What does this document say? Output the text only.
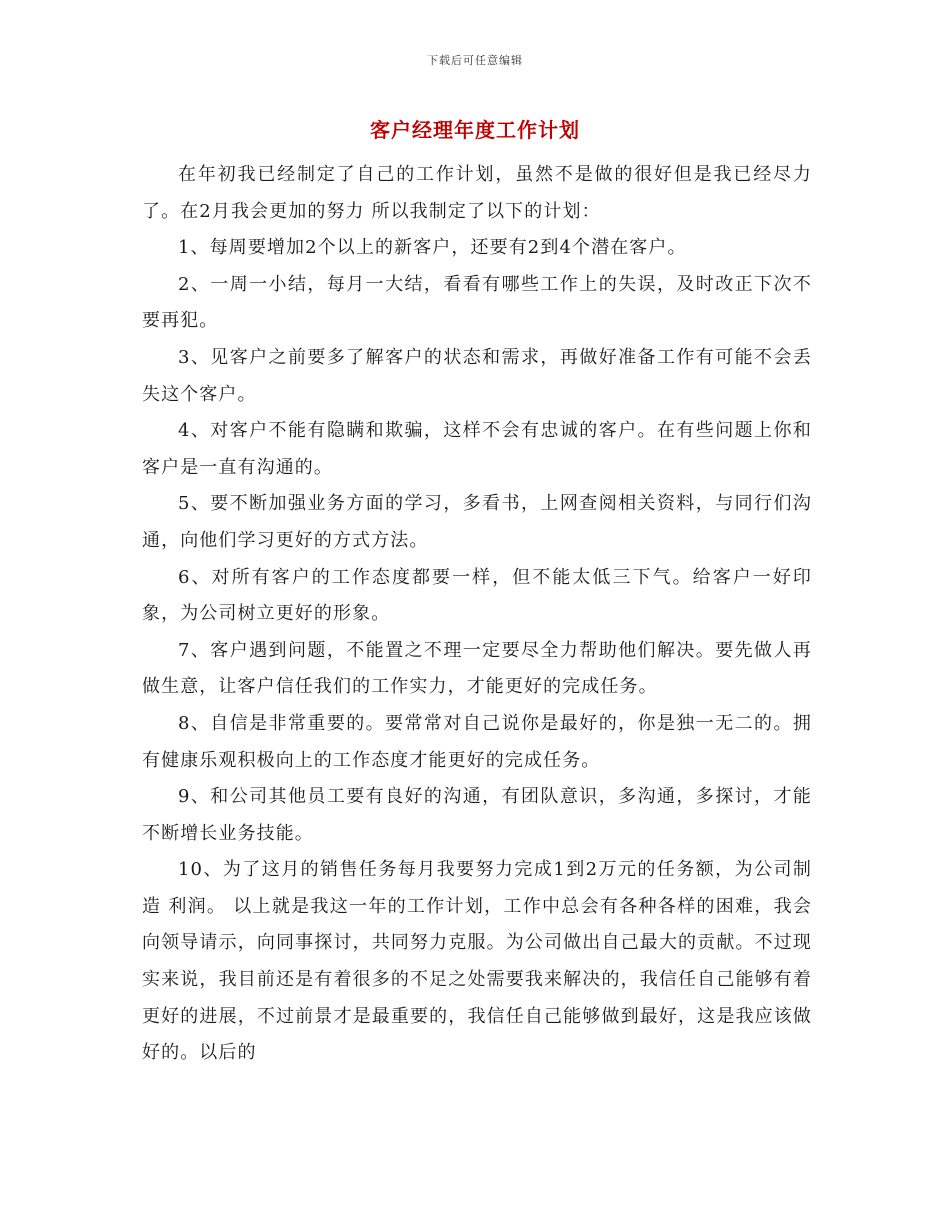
下载后可任意编辑
客户经理年度工作计划

在年初我已经制定了自己的工作计划，虽然不是做的很好但是我已经尽力了。在2月我会更加的努力 所以我制定了以下的计划：

1、每周要增加2个以上的新客户，还要有2到4个潜在客户。

2、一周一小结，每月一大结，看看有哪些工作上的失误，及时改正下次不要再犯。

3、见客户之前要多了解客户的状态和需求，再做好准备工作有可能不会丢失这个客户。

4、对客户不能有隐瞒和欺骗，这样不会有忠诚的客户。在有些问题上你和客户是一直有沟通的。

5、要不断加强业务方面的学习，多看书，上网查阅相关资料，与同行们沟通，向他们学习更好的方式方法。

6、对所有客户的工作态度都要一样，但不能太低三下气。给客户一好印象，为公司树立更好的形象。

7、客户遇到问题，不能置之不理一定要尽全力帮助他们解决。要先做人再做生意，让客户信任我们的工作实力，才能更好的完成任务。

8、自信是非常重要的。要常常对自己说你是最好的，你是独一无二的。拥有健康乐观积极向上的工作态度才能更好的完成任务。

9、和公司其他员工要有良好的沟通，有团队意识，多沟通，多探讨，才能不断增长业务技能。

10、为了这月的销售任务每月我要努力完成1到2万元的任务额，为公司制造 利润。 以上就是我这一年的工作计划，工作中总会有各种各样的困难，我会向领导请示，向同事探讨，共同努力克服。为公司做出自己最大的贡献。不过现实来说，我目前还是有着很多的不足之处需要我来解决的，我信任自己能够有着更好的进展，不过前景才是最重要的，我信任自己能够做到最好，这是我应该做好的。以后的
